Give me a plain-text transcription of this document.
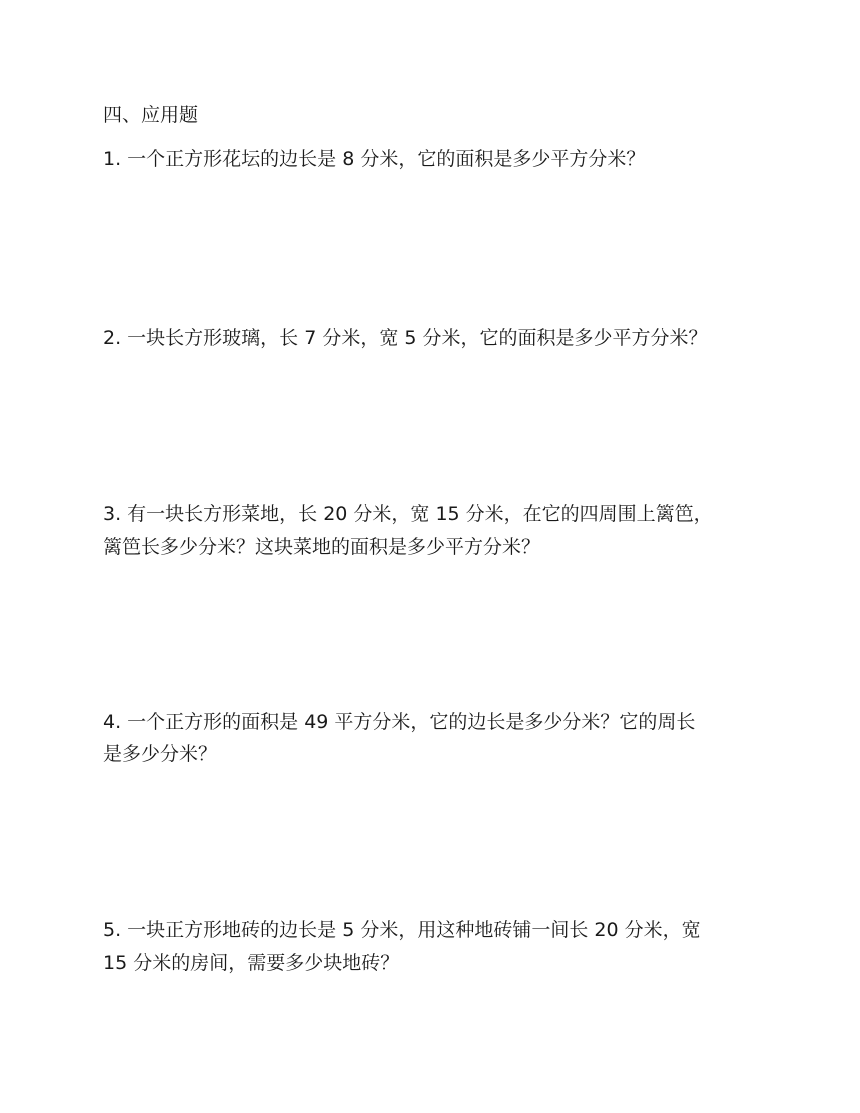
四、应用题
1. 一个正方形花坛的边长是 8 分米，它的面积是多少平方分米？
2. 一块长方形玻璃，长 7 分米，宽 5 分米，它的面积是多少平方分米？
3. 有一块长方形菜地，长 20 分米，宽 15 分米，在它的四周围上篱笆，
篱笆长多少分米？这块菜地的面积是多少平方分米？
4. 一个正方形的面积是 49 平方分米，它的边长是多少分米？它的周长
是多少分米？
5. 一块正方形地砖的边长是 5 分米，用这种地砖铺一间长 20 分米，宽
15 分米的房间，需要多少块地砖？
